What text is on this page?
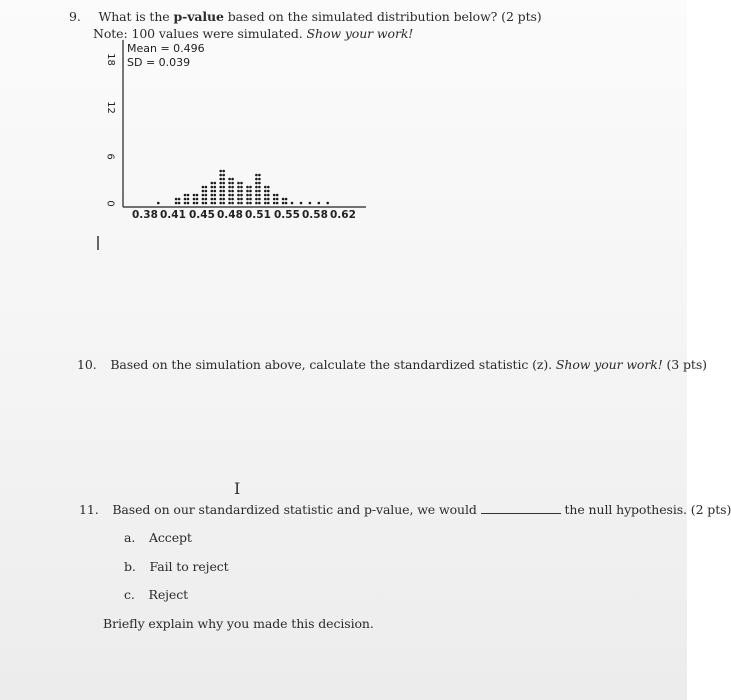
9. What is the p-value based on the simulated distribution below? (2 pts)
Note: 100 values were simulated. Show your work!
Mean = 0.496
SD = 0.039
18
12
6
0
0.38 0.41 0.45 0.48 0.51 0.55 0.58 0.62
10. Based on the simulation above, calculate the standardized statistic (z). Show your work! (3 pts)
I
11. Based on our standardized statistic and p-value, we would	the null hypothesis. (2 pts)
a. Accept
b. Fail to reject
c. Reject
Briefly explain why you made this decision.
